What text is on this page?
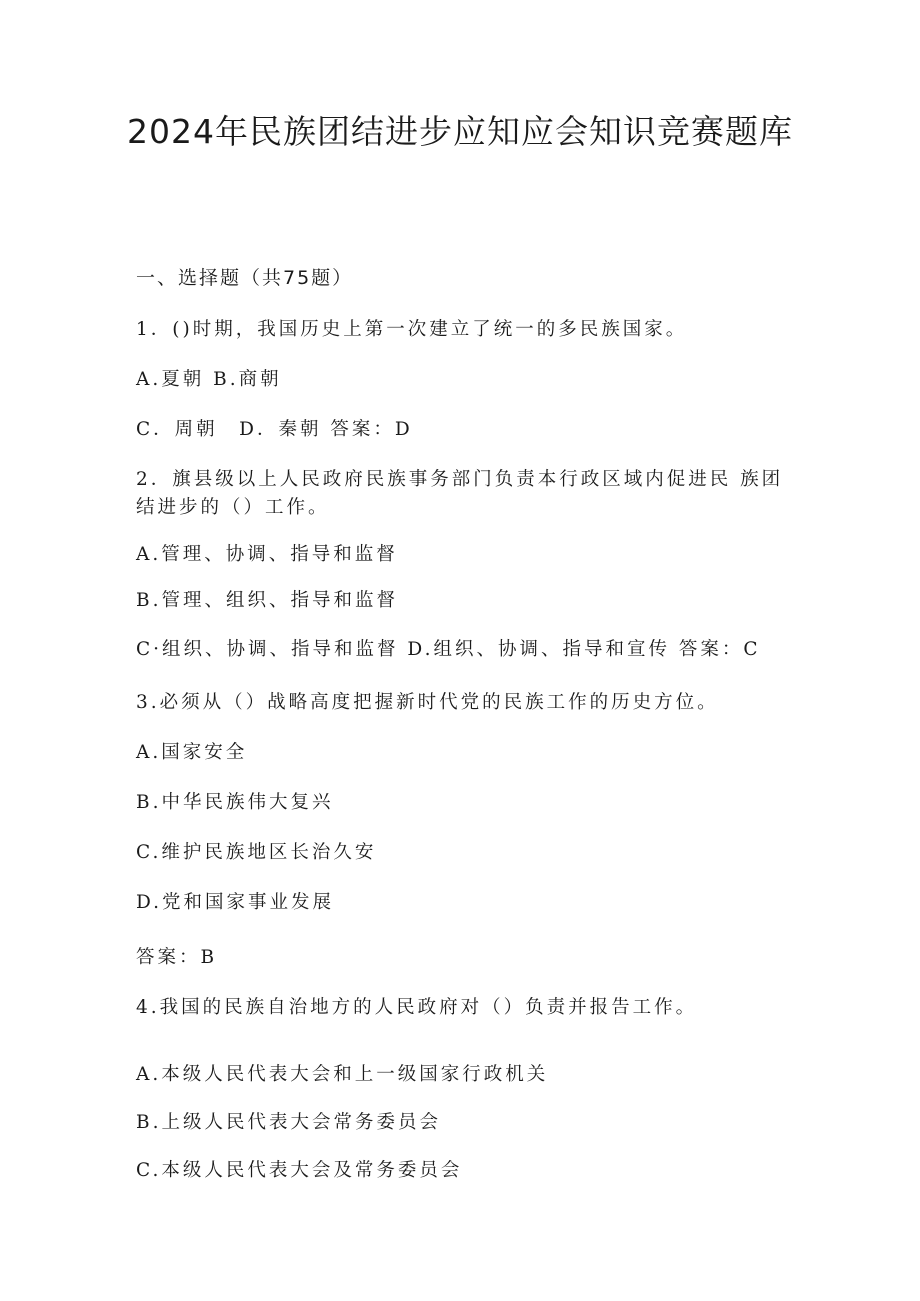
2024年民族团结进步应知应会知识竞赛题库

一、选择题（共75题）

1．()时期，我国历史上第一次建立了统一的多民族国家。

A.夏朝 B.商朝

C．周朝　D．秦朝 答案：D

2．旗县级以上人民政府民族事务部门负责本行政区域内促进民 族团结进步的（）工作。

A.管理、协调、指导和监督

B.管理、组织、指导和监督

C·组织、协调、指导和监督 D.组织、协调、指导和宣传 答案：C

3.必须从（）战略高度把握新时代党的民族工作的历史方位。

A.国家安全

B.中华民族伟大复兴

C.维护民族地区长治久安

D.党和国家事业发展

答案：B

4.我国的民族自治地方的人民政府对（）负责并报告工作。

A.本级人民代表大会和上一级国家行政机关

B.上级人民代表大会常务委员会

C.本级人民代表大会及常务委员会
